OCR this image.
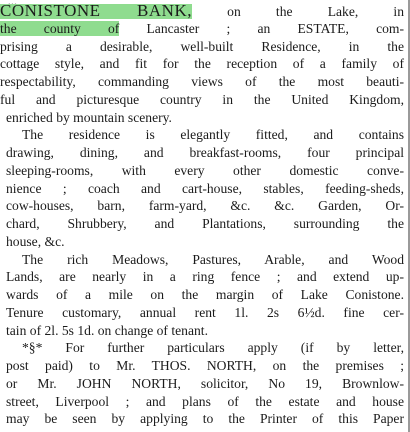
CONISTONE BANK, on the Lake, in
the county of Lancaster ; an ESTATE, com-
prising a desirable, well-built Residence, in the
cottage style, and fit for the reception of a family of
respectability, commanding views of the most beauti-
ful and picturesque country in the United Kingdom,
enriched by mountain scenery.
The residence is elegantly fitted, and contains
drawing, dining, and breakfast-rooms, four principal
sleeping-rooms, with every other domestic conve-
nience ; coach and cart-house, stables, feeding-sheds,
cow-houses, barn, farm-yard, &c. &c. Garden, Or-
chard, Shrubbery, and Plantations, surrounding the
house, &c.
The rich Meadows, Pastures, Arable, and Wood
Lands, are nearly in a ring fence ; and extend up-
wards of a mile on the margin of Lake Conistone.
Tenure customary, annual rent 1l. 2s 6½d. fine cer-
tain of 2l. 5s 1d. on change of tenant.
*§* For further particulars apply (if by letter,
post paid) to Mr. THOS. NORTH, on the premises ;
or Mr. JOHN NORTH, solicitor, No 19, Brownlow-
street, Liverpool ; and plans of the estate and house
may be seen by applying to the Printer of this Paper
